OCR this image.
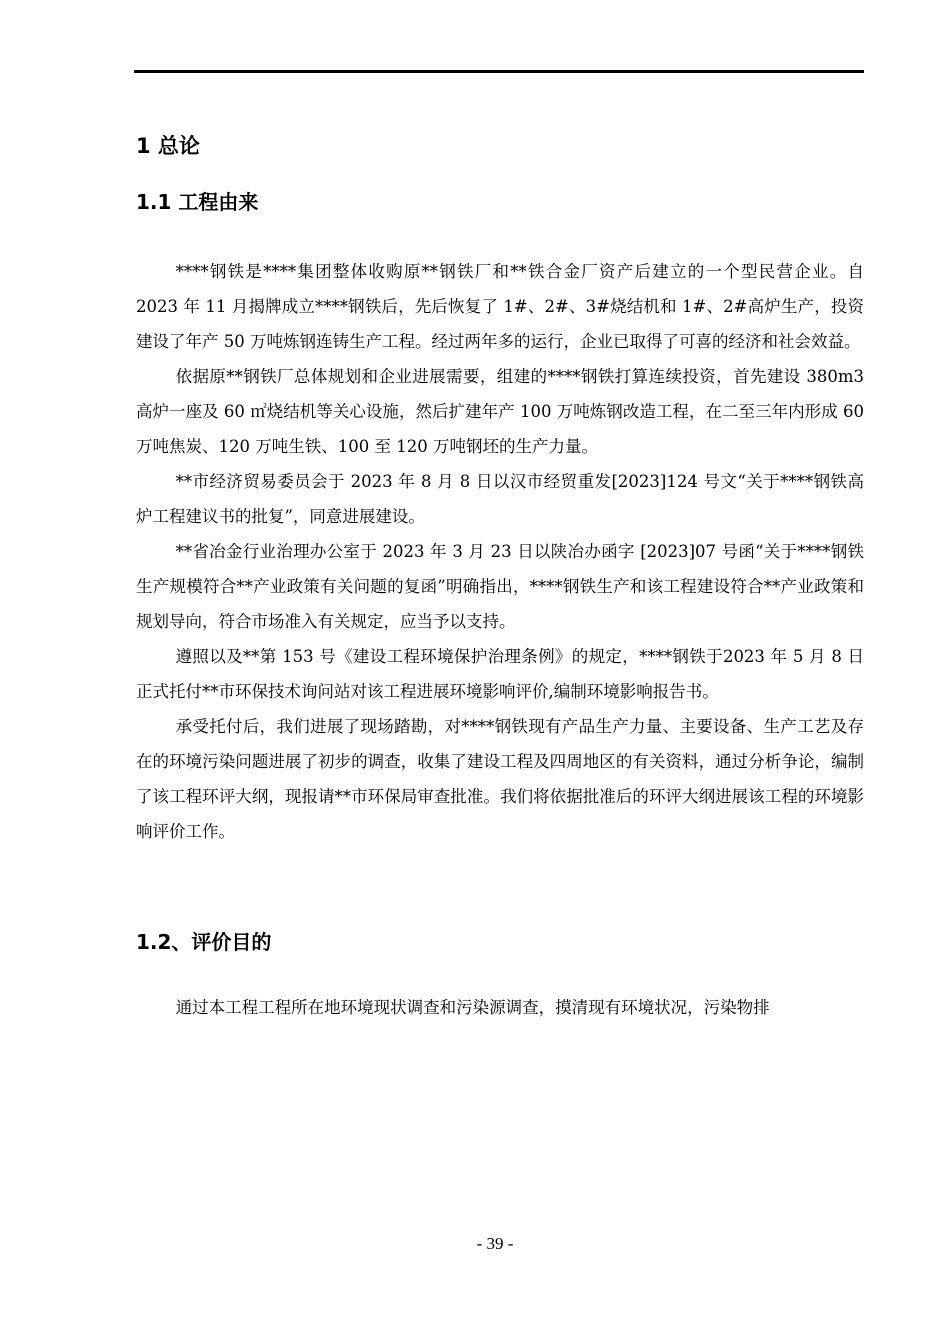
1 总论
1.1 工程由来

****钢铁是****集团整体收购原**钢铁厂和**铁合金厂资产后建立的一个型民营企业。自 2023 年 11 月揭牌成立****钢铁后，先后恢复了 1#、2#、3#烧结机和 1#、2#高炉生产，投资建设了年产 50 万吨炼钢连铸生产工程。经过两年多的运行，企业已取得了可喜的经济和社会效益。

依据原**钢铁厂总体规划和企业进展需要，组建的****钢铁打算连续投资，首先建设 380m3 高炉一座及 60 ㎡烧结机等关心设施，然后扩建年产 100 万吨炼钢改造工程，在二至三年内形成 60 万吨焦炭、120 万吨生铁、100 至 120 万吨钢坯的生产力量。

**市经济贸易委员会于 2023 年 8 月 8 日以汉市经贸重发[2023]124 号文“关于****钢铁高炉工程建议书的批复”，同意进展建设。

**省冶金行业治理办公室于 2023 年 3 月 23 日以陕冶办函字 [2023]07 号函“关于****钢铁生产规模符合**产业政策有关问题的复函”明确指出，****钢铁生产和该工程建设符合**产业政策和规划导向，符合市场准入有关规定，应当予以支持。

遵照以及**第 153 号《建设工程环境保护治理条例》的规定，****钢铁于2023 年 5 月 8 日正式托付**市环保技术询问站对该工程进展环境影响评价,编制环境影响报告书。

承受托付后，我们进展了现场踏勘，对****钢铁现有产品生产力量、主要设备、生产工艺及存在的环境污染问题进展了初步的调查，收集了建设工程及四周地区的有关资料，通过分析争论，编制了该工程环评大纲，现报请**市环保局审查批准。我们将依据批准后的环评大纲进展该工程的环境影响评价工作。

1.2、评价目的

通过本工程工程所在地环境现状调查和污染源调查，摸清现有环境状况，污染物排

- 39 -
